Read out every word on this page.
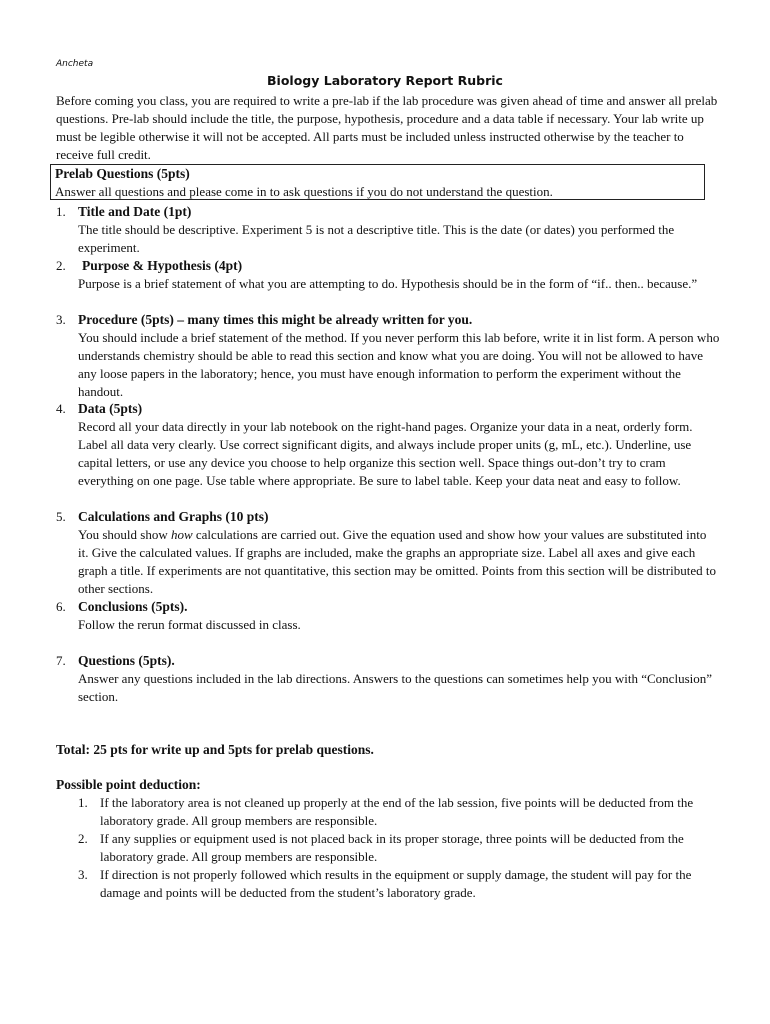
Ancheta
Biology Laboratory Report Rubric
Before coming you class, you are required to write a pre-lab if the lab procedure was given ahead of time and answer all prelab questions. Pre-lab should include the title, the purpose, hypothesis, procedure and a data table if necessary. Your lab write up must be legible otherwise it will not be accepted. All parts must be included unless instructed otherwise by the teacher to receive full credit.
Prelab Questions (5pts)
Answer all questions and please come in to ask questions if you do not understand the question.
1. Title and Date (1pt)
The title should be descriptive. Experiment 5 is not a descriptive title. This is the date (or dates) you performed the experiment.
2.	Purpose & Hypothesis (4pt)
Purpose is a brief statement of what you are attempting to do. Hypothesis should be in the form of “if.. then.. because.”
3. Procedure (5pts) – many times this might be already written for you.
You should include a brief statement of the method. If you never perform this lab before, write it in list form. A person who understands chemistry should be able to read this section and know what you are doing. You will not be allowed to have any loose papers in the laboratory; hence, you must have enough information to perform the experiment without the handout.
4. Data (5pts)
Record all your data directly in your lab notebook on the right-hand pages. Organize your data in a neat, orderly form. Label all data very clearly. Use correct significant digits, and always include proper units (g, mL, etc.). Underline, use capital letters, or use any device you choose to help organize this section well. Space things out-don’t try to cram everything on one page. Use table where appropriate. Be sure to label table. Keep your data neat and easy to follow.
5. Calculations and Graphs (10 pts)
You should show how calculations are carried out. Give the equation used and show how your values are substituted into it. Give the calculated values. If graphs are included, make the graphs an appropriate size. Label all axes and give each graph a title. If experiments are not quantitative, this section may be omitted. Points from this section will be distributed to other sections.
6. Conclusions (5pts).
Follow the rerun format discussed in class.
7. Questions (5pts).
Answer any questions included in the lab directions. Answers to the questions can sometimes help you with “Conclusion” section.
Total: 25 pts for write up and 5pts for prelab questions.
Possible point deduction:
1. If the laboratory area is not cleaned up properly at the end of the lab session, five points will be deducted from the laboratory grade. All group members are responsible.
2. If any supplies or equipment used is not placed back in its proper storage, three points will be deducted from the laboratory grade. All group members are responsible.
3. If direction is not properly followed which results in the equipment or supply damage, the student will pay for the damage and points will be deducted from the student’s laboratory grade.
